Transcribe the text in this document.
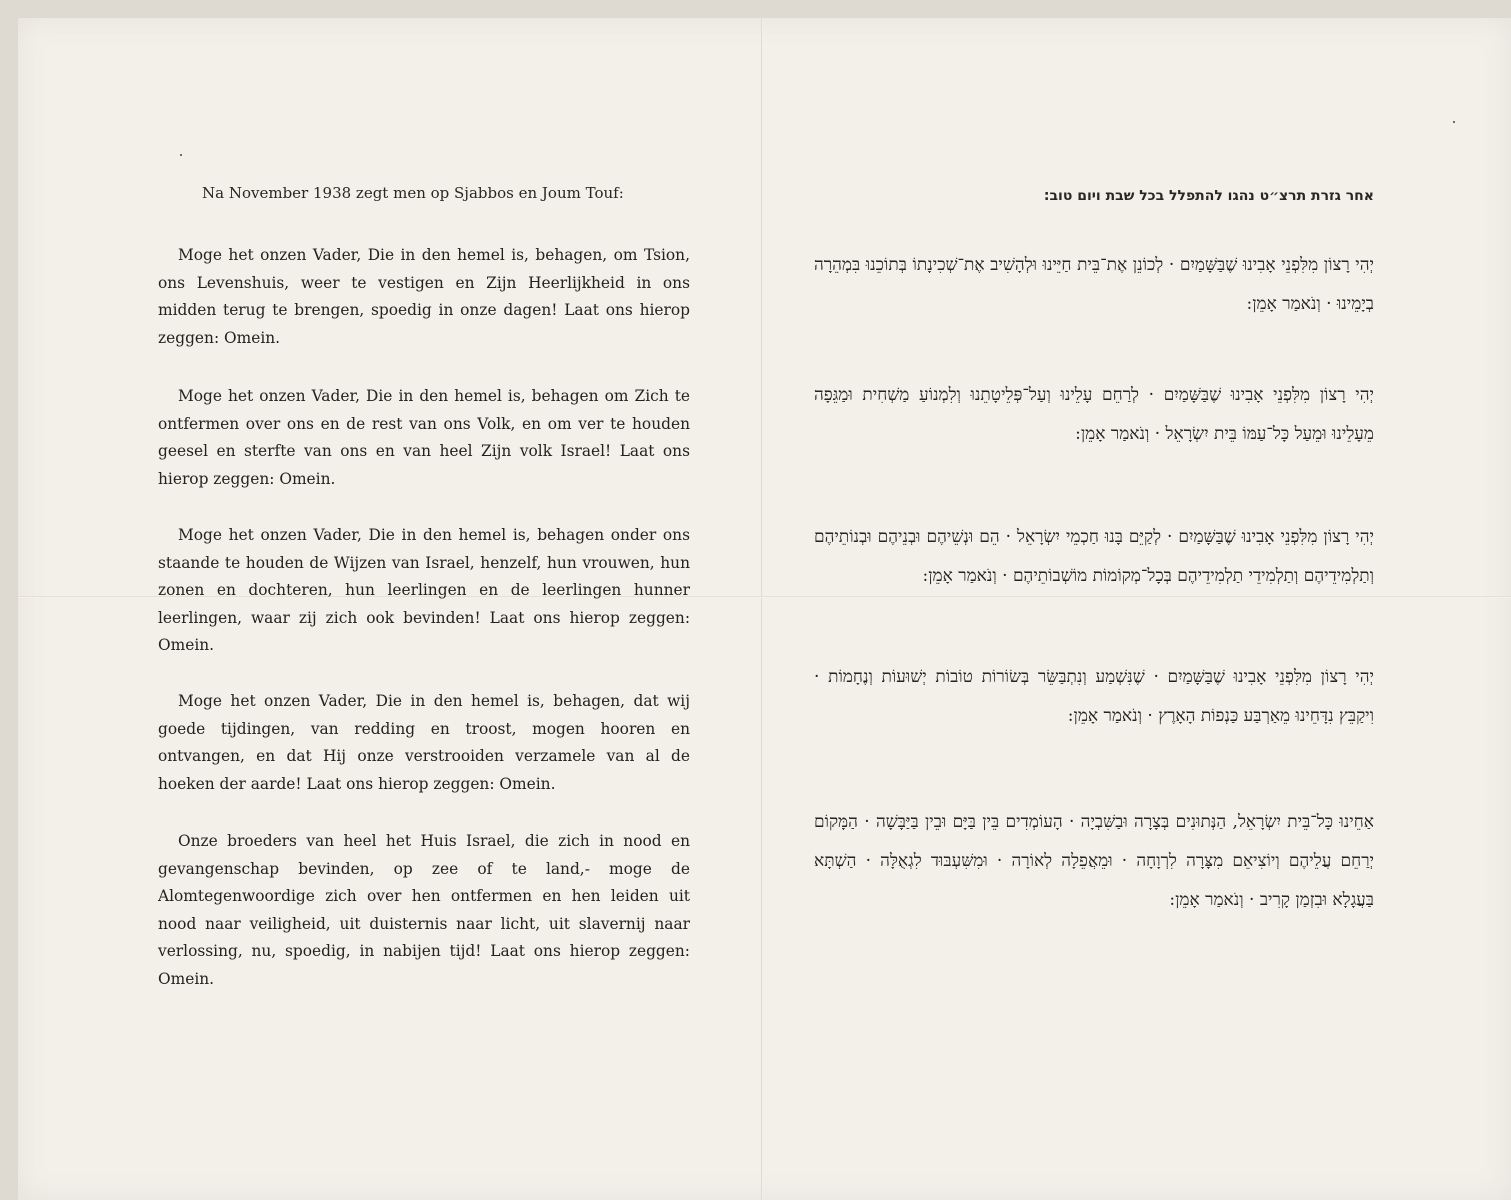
Na November 1938 zegt men op Sjabbos en Joum Touf:

Moge het onzen Vader, Die in den hemel is, behagen, om Tsion, ons Levenshuis, weer te vestigen en Zijn Heerlijkheid in ons midden terug te brengen, spoedig in onze dagen! Laat ons hierop zeggen: Omein.

Moge het onzen Vader, Die in den hemel is, behagen om Zich te ontfermen over ons en de rest van ons Volk, en om ver te houden geesel en sterfte van ons en van heel Zijn volk Israel! Laat ons hierop zeggen: Omein.

Moge het onzen Vader, Die in den hemel is, behagen onder ons staande te houden de Wijzen van Israel, henzelf, hun vrouwen, hun zonen en dochteren, hun leerlingen en de leerlingen hunner leerlingen, waar zij zich ook bevinden! Laat ons hierop zeggen: Omein.

Moge het onzen Vader, Die in den hemel is, behagen, dat wij goede tijdingen, van redding en troost, mogen hooren en ontvangen, en dat Hij onze verstrooiden verzamele van al de hoeken der aarde! Laat ons hierop zeggen: Omein.

Onze broeders van heel het Huis Israel, die zich in nood en gevangenschap bevinden, op zee of te land,- moge de Alomtegenwoordige zich over hen ontfermen en hen leiden uit nood naar veiligheid, uit duisternis naar licht, uit slavernij naar verlossing, nu, spoedig, in nabijen tijd! Laat ons hierop zeggen: Omein.

אחר גזרת תרצ״ט נהגו להתפלל בכל שבת ויום טוב:

יְהִי רָצוֹן מִלִּפְנֵי אָבִינוּ שֶׁבַּשָּׁמַיִם · לְכוֹנֵן אֶת־בֵּית חַיֵּינוּ וּלְהָשִׁיב אֶת־שְׁכִינָתוֹ בְּתוֹכֵנוּ בִּמְהֵרָה בְיָמֵינוּ · וְנֹאמַר אָמֵן:

יְהִי רָצוֹן מִלִּפְנֵי אָבִינוּ שֶׁבַּשָּׁמַיִם · לְרַחֵם עָלֵינוּ וְעַל־פְּלֵיטָתֵנוּ וְלִמְנוֹעַ מַשְׁחִית וּמַגֵּפָה מֵעָלֵינוּ וּמֵעַל כָּל־עַמּוֹ בֵּית יִשְׂרָאֵל · וְנֹאמַר אָמֵן:

יְהִי רָצוֹן מִלִּפְנֵי אָבִינוּ שֶׁבַּשָּׁמַיִם · לְקַיֵּם בָּנוּ חַכְמֵי יִשְׂרָאֵל · הֵם וּנְשֵׁיהֶם וּבְנֵיהֶם וּבְנוֹתֵיהֶם וְתַלְמִידֵיהֶם וְתַלְמִידֵי תַלְמִידֵיהֶם בְּכָל־מְקוֹמוֹת מוֹשְׁבוֹתֵיהֶם · וְנֹאמַר אָמֵן:

יְהִי רָצוֹן מִלִּפְנֵי אָבִינוּ שֶׁבַּשָּׁמַיִם · שֶׁנִּשְׁמַע וְנִתְבַּשֵּׂר בְּשׂוֹרוֹת טוֹבוֹת יְשׁוּעוֹת וְנֶחָמוֹת · וִיקַבֵּץ נִדָּחֵינוּ מֵאַרְבַּע כַּנְפוֹת הָאָרֶץ · וְנֹאמַר אָמֵן:

אַחֵינוּ כָּל־בֵּית יִשְׂרָאֵל, הַנְּתוּנִים בְּצָרָה וּבַשִּׁבְיָה · הָעוֹמְדִים בֵּין בַּיָּם וּבֵין בַּיַּבָּשָׁה · הַמָּקוֹם יְרַחֵם עֲלֵיהֶם וְיוֹצִיאֵם מִצָּרָה לִרְוָחָה · וּמֵאֲפֵלָה לְאוֹרָה · וּמִשִּׁעְבּוּד לִגְאֻלָּה · הַשְׁתָּא בַּעֲגָלָא וּבִזְמַן קָרִיב · וְנֹאמַר אָמֵן:
